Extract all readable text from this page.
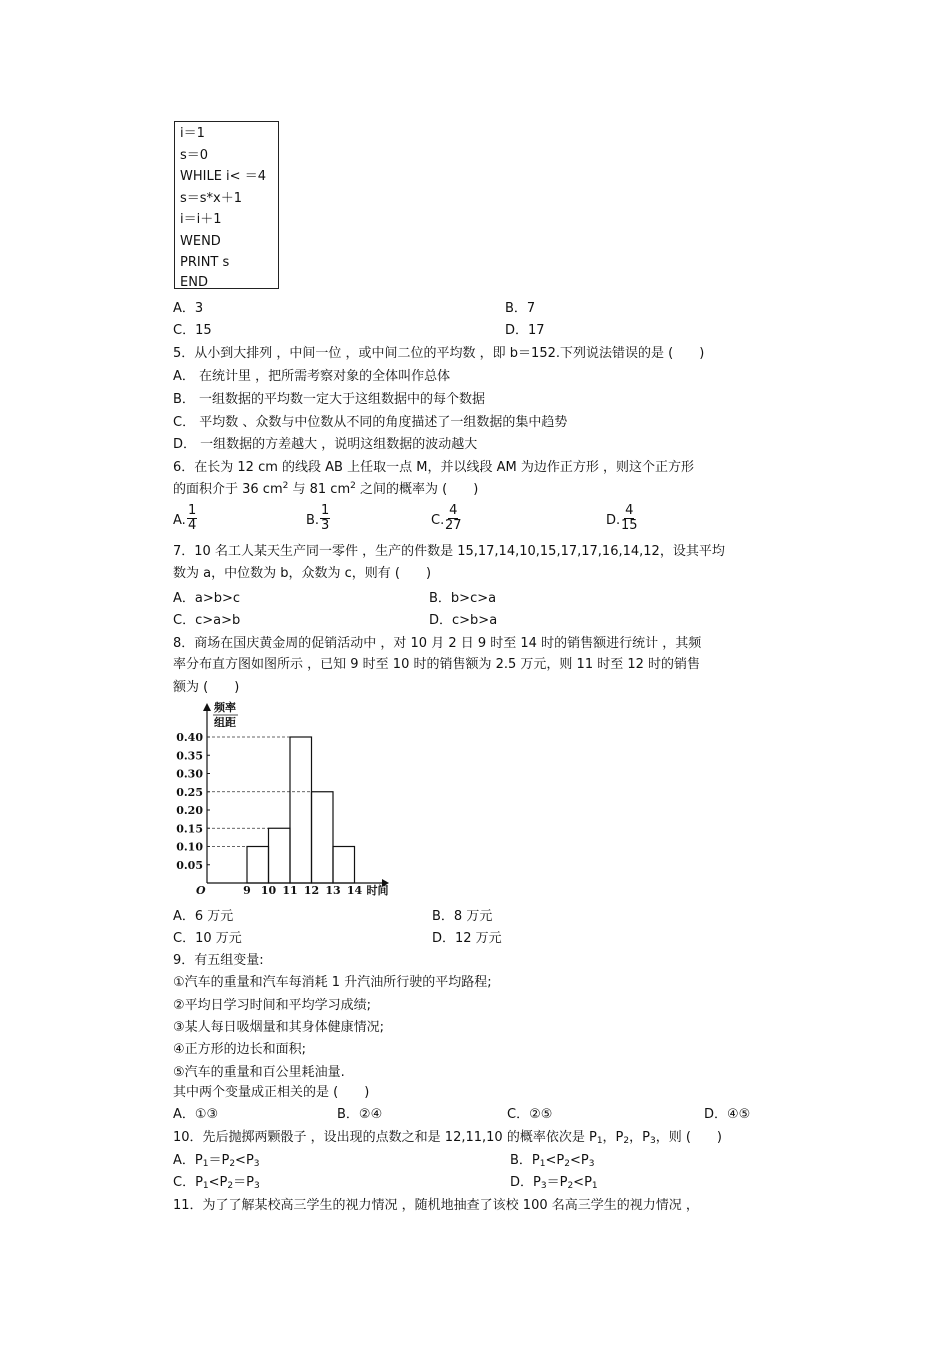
i＝1
s＝0
WHILE i< ＝4
s＝s*x＋1
i＝i＋1
WEND
PRINT s
END
A．3	B．7
C．15	D．17
5．从小到大排列 ，中间一位 ，或中间二位的平均数 ，即 b＝152.下列说法错误的是 (　　)
A． 在统计里 ，把所需考察对象的全体叫作总体
B． 一组数据的平均数一定大于这组数据中的每个数据
C． 平均数 、众数与中位数从不同的角度描述了一组数据的集中趋势
D． 一组数据的方差越大 ，说明这组数据的波动越大
6．在长为 12 cm 的线段 AB 上任取一点 M，并以线段 AM 为边作正方形 ，则这个正方形
的面积介于 36 $cm^2$ 与 81 $cm^2$ 之间的概率为 (　　)
A. $\frac{1}{4}$	B. $\frac{1}{3}$	C. $\frac{4}{27}$	D. $\frac{4}{15}$
7．10 名工人某天生产同一零件 ，生产的件数是 15,17,14,10,15,17,17,16,14,12，设其平均
数为 a，中位数为 b，众数为 c，则有 (　　)
A．a>b>c	B．b>c>a
C．c>a>b	D．c>b>a
8．商场在国庆黄金周的促销活动中 ，对 10 月 2 日 9 时至 14 时的销售额进行统计 ，其频
率分布直方图如图所示 ，已知 9 时至 10 时的销售额为 2.5 万元，则 11 时至 12 时的销售
额为 (　　)
频率
组距
O
0.05
0.10
0.15
0.20
0.25
0.30
0.35
0.40
9 10 11 12 13 14 时间
A．6 万元	B．8 万元
C．10 万元	D．12 万元
9．有五组变量:
①汽车的重量和汽车每消耗 1 升汽油所行驶的平均路程;
②平均日学习时间和平均学习成绩;
③某人每日吸烟量和其身体健康情况;
④正方形的边长和面积;
⑤汽车的重量和百公里耗油量.
其中两个变量成正相关的是 (　　)
A．①③	B．②④	C．②⑤	D．④⑤
10．先后抛掷两颗骰子 ，设出现的点数之和是 12,11,10 的概率依次是 $P_1$，$P_2$，$P_3$，则 (　　)
A．$P_1=P_2<P_3$	B．$P_1<P_2<P_3$
C．$P_1<P_2=P_3$	D．$P_3=P_2<P_1$
11．为了了解某校高三学生的视力情况 ，随机地抽查了该校 100 名高三学生的视力情况 ，
